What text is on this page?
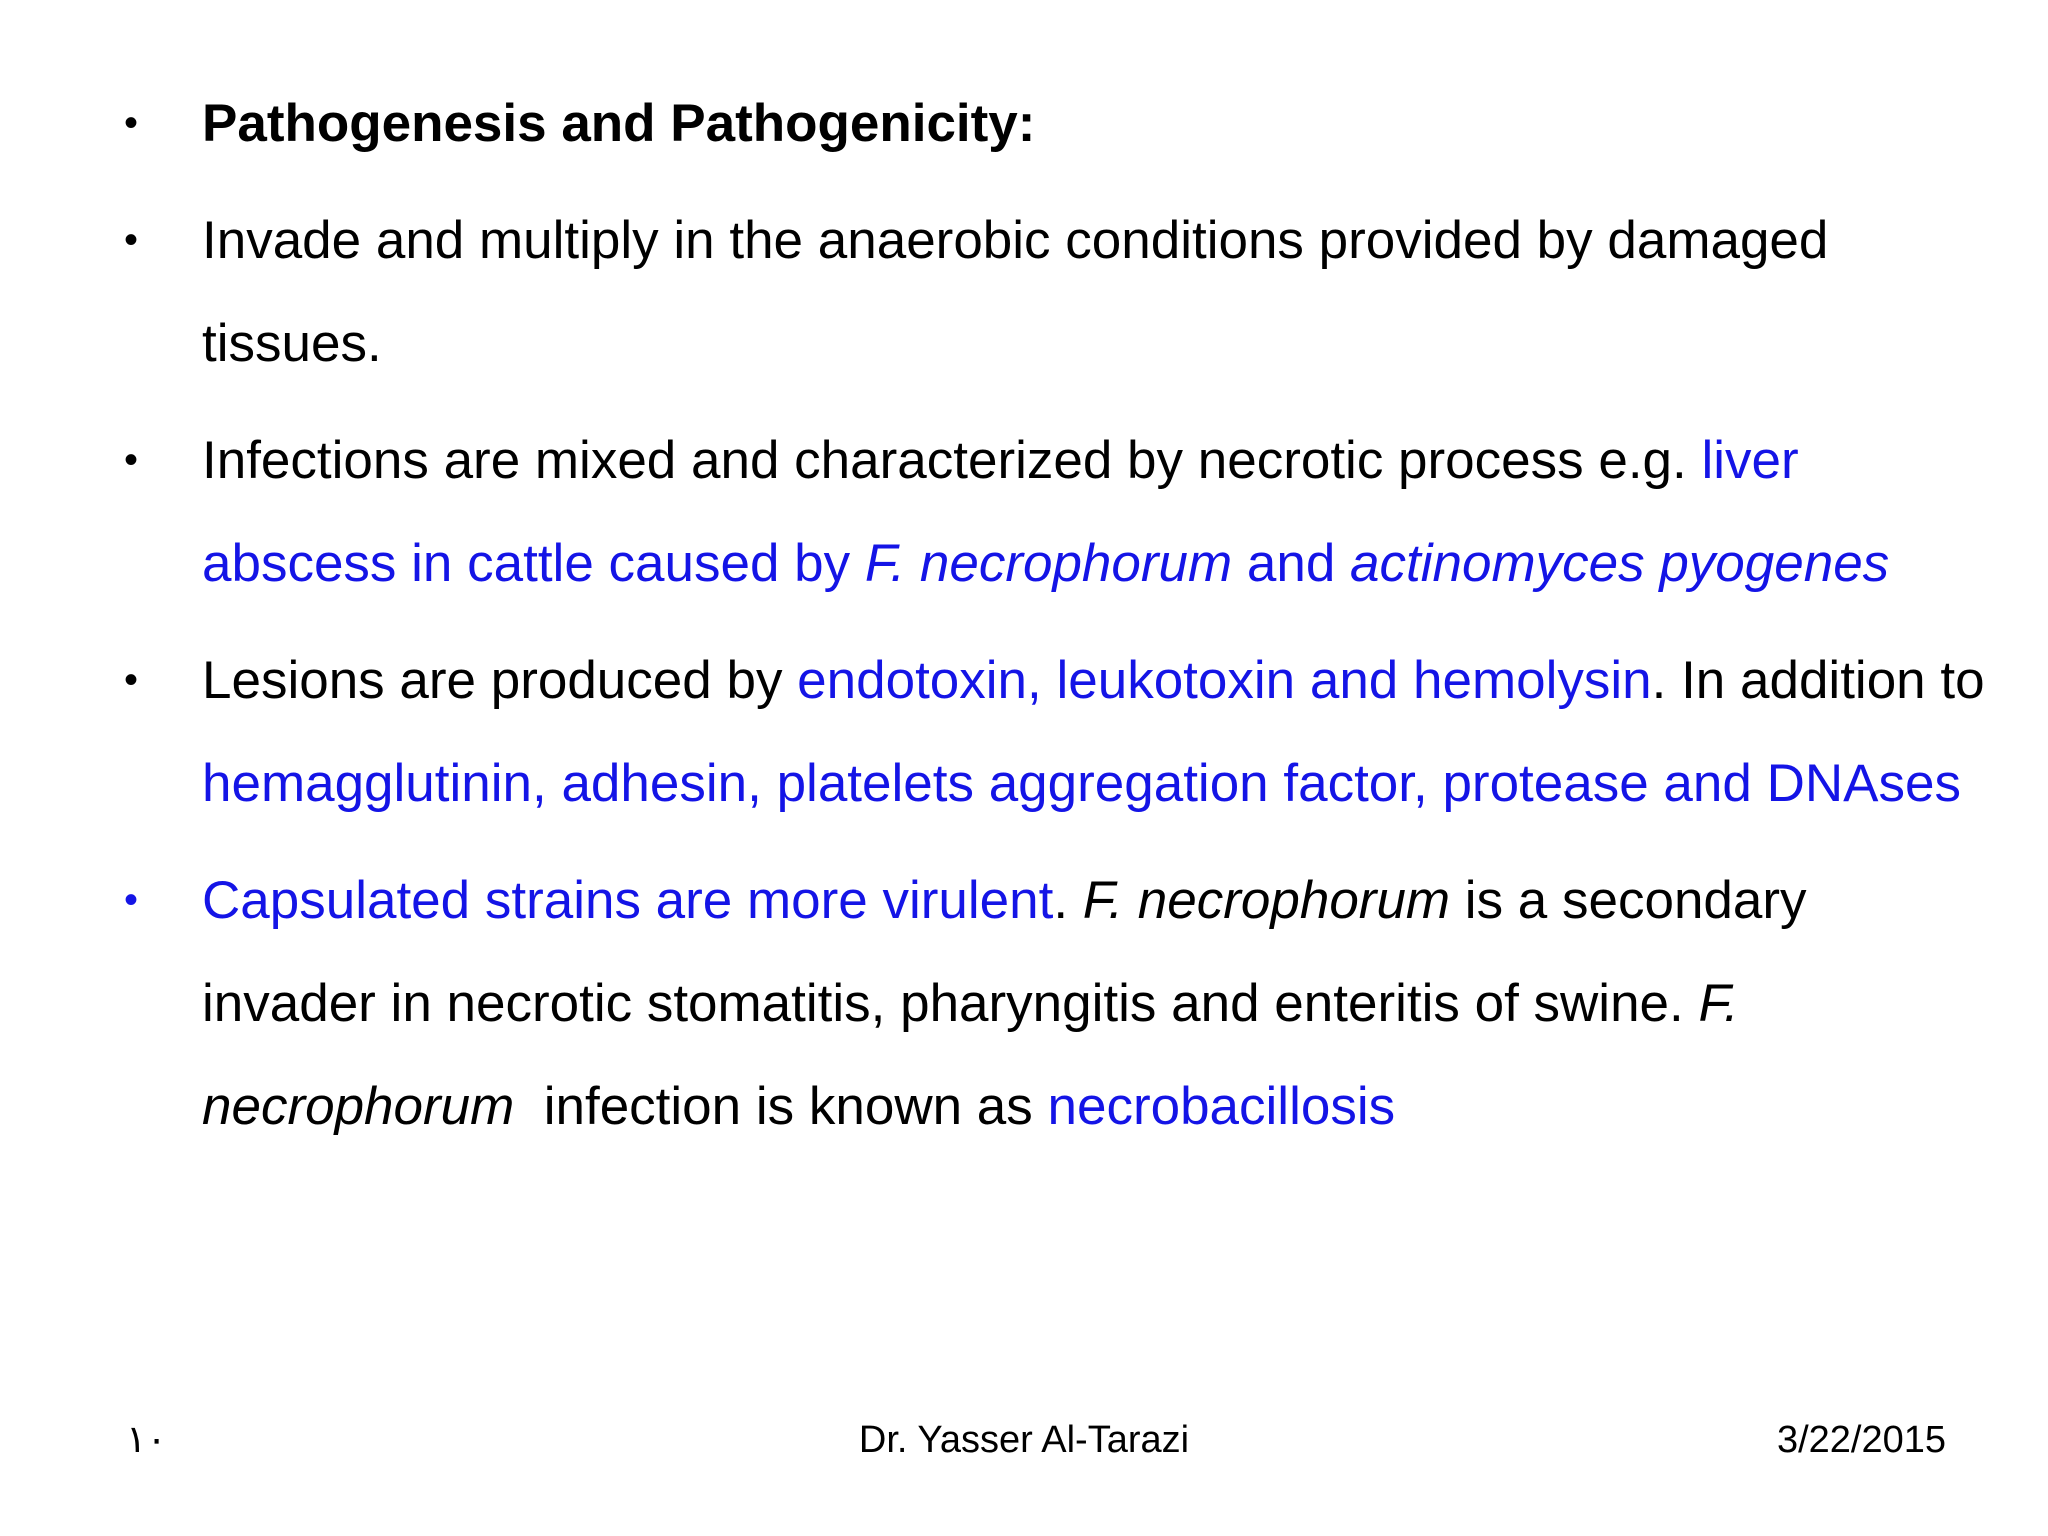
•	Pathogenesis and Pathogenicity:
•	Invade and multiply in the anaerobic conditions provided by damaged tissues.
•	Infections are mixed and characterized by necrotic process e.g. liver abscess in cattle caused by F. necrophorum and actinomyces pyogenes
•	Lesions are produced by endotoxin, leukotoxin and hemolysin. In addition to hemagglutinin, adhesin, platelets aggregation factor, protease and DNAses
•	Capsulated strains are more virulent. F. necrophorum is a secondary invader in necrotic stomatitis, pharyngitis and enteritis of swine. F. necrophorum  infection is known as necrobacillosis
١٠	Dr. Yasser Al-Tarazi	3/22/2015
